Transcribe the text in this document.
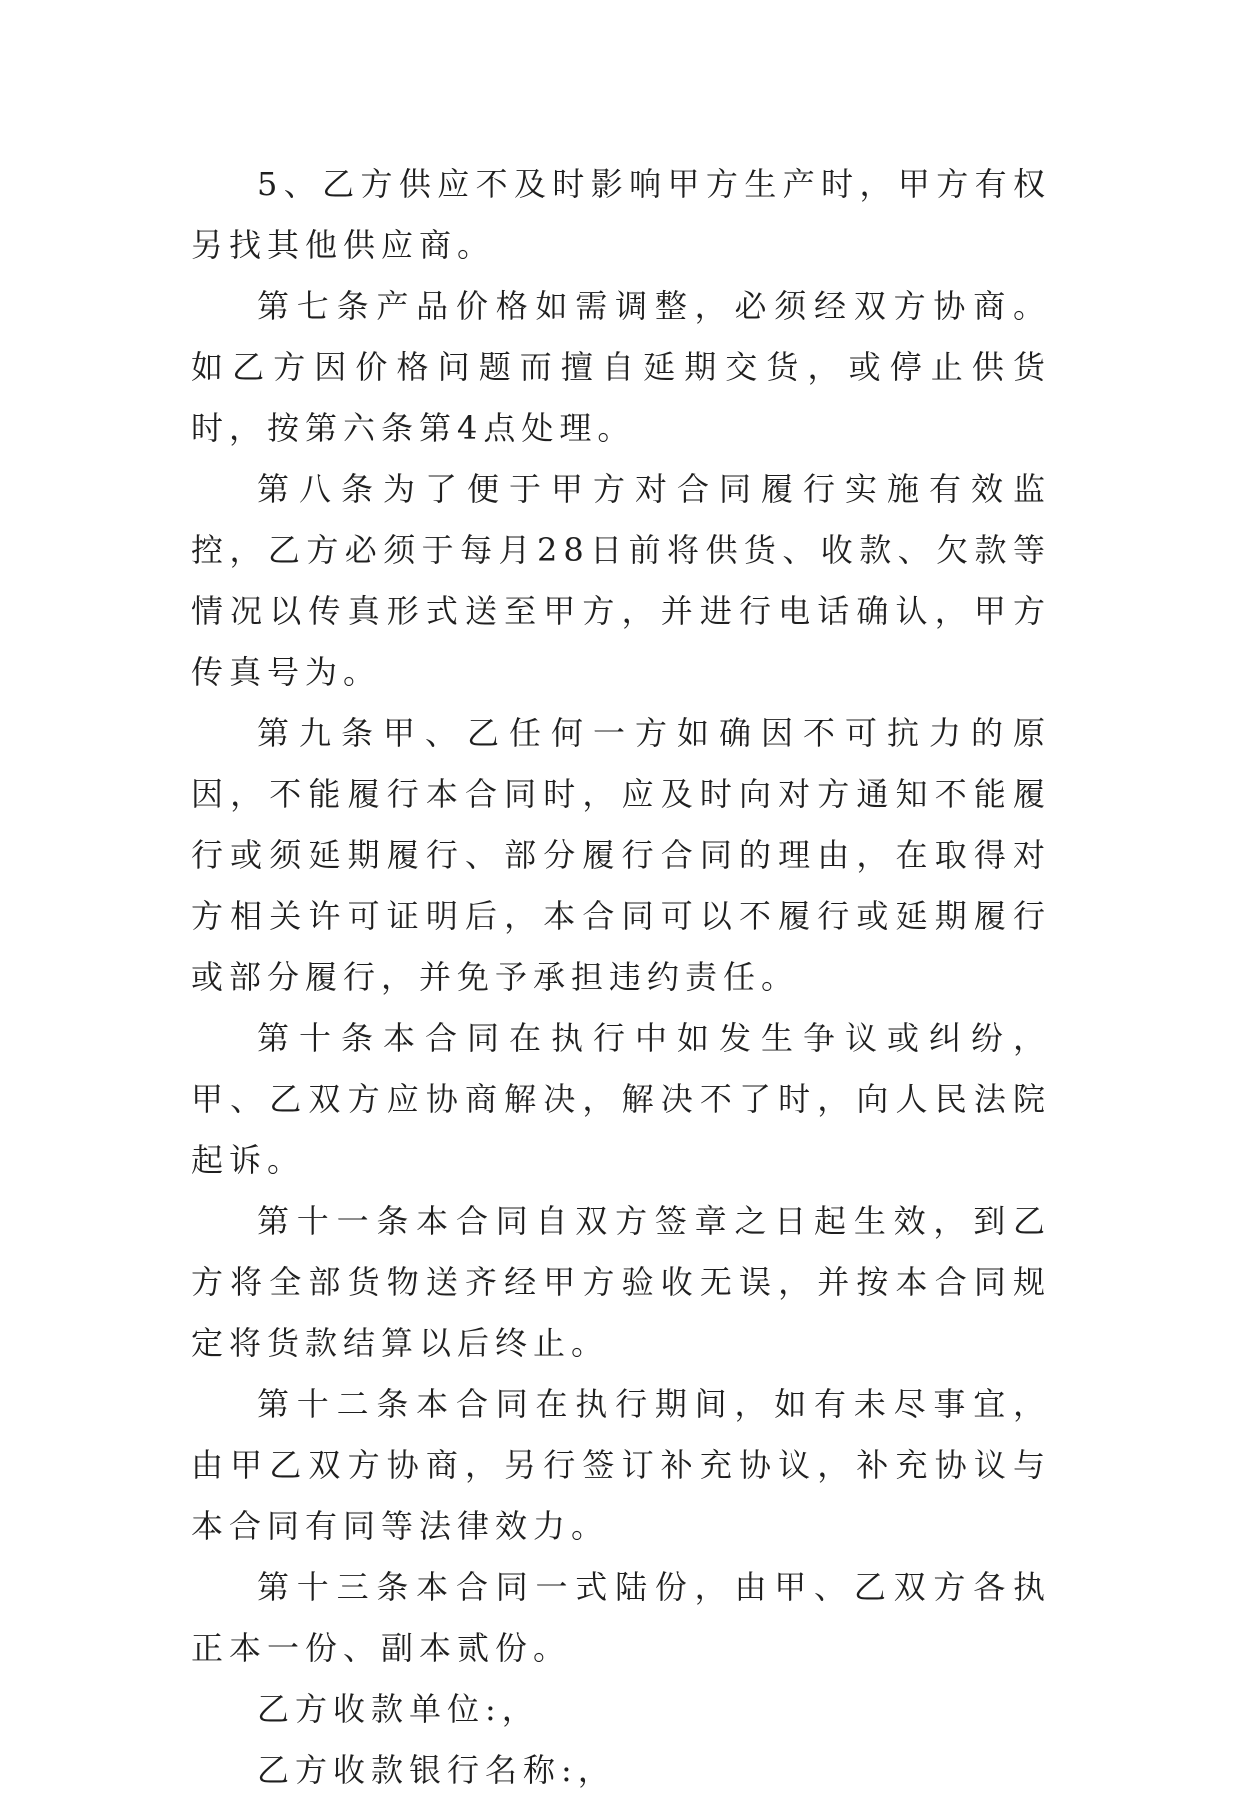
5、乙方供应不及时影响甲方生产时，甲方有权另找其他供应商。

第七条产品价格如需调整，必须经双方协商。如乙方因价格问题而擅自延期交货，或停止供货时，按第六条第4点处理。

第八条为了便于甲方对合同履行实施有效监控，乙方必须于每月28日前将供货、收款、欠款等情况以传真形式送至甲方，并进行电话确认，甲方传真号为。

第九条甲、乙任何一方如确因不可抗力的原因，不能履行本合同时，应及时向对方通知不能履行或须延期履行、部分履行合同的理由，在取得对方相关许可证明后，本合同可以不履行或延期履行或部分履行，并免予承担违约责任。

第十条本合同在执行中如发生争议或纠纷，甲、乙双方应协商解决，解决不了时，向人民法院起诉。

第十一条本合同自双方签章之日起生效，到乙方将全部货物送齐经甲方验收无误，并按本合同规定将货款结算以后终止。

第十二条本合同在执行期间，如有未尽事宜，由甲乙双方协商，另行签订补充协议，补充协议与本合同有同等法律效力。

第十三条本合同一式陆份，由甲、乙双方各执正本一份、副本贰份。

乙方收款单位:，

乙方收款银行名称:，
